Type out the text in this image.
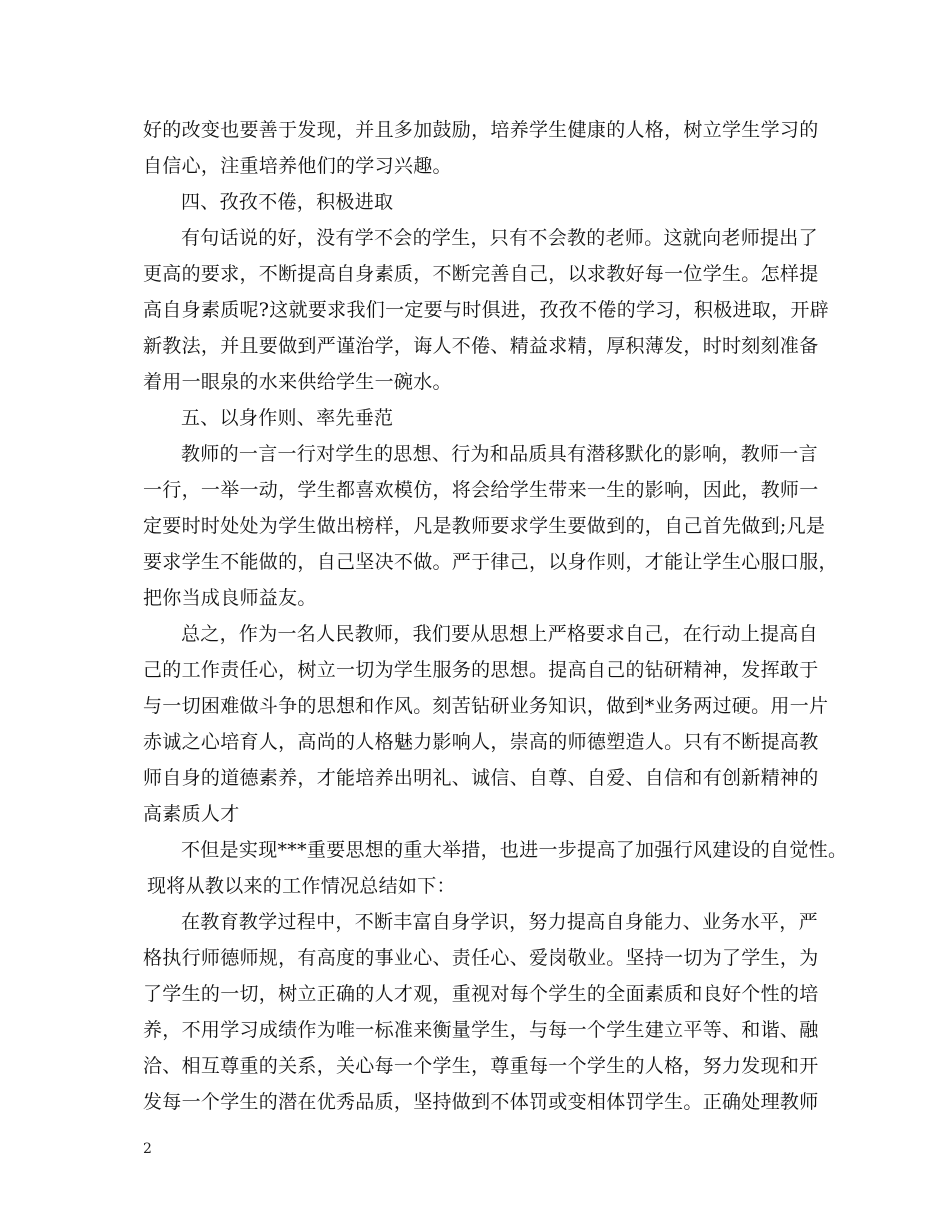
好的改变也要善于发现，并且多加鼓励，培养学生健康的人格，树立学生学习的
自信心，注重培养他们的学习兴趣。
四、孜孜不倦，积极进取
有句话说的好，没有学不会的学生，只有不会教的老师。这就向老师提出了
更高的要求，不断提高自身素质，不断完善自己，以求教好每一位学生。怎样提
高自身素质呢?这就要求我们一定要与时俱进，孜孜不倦的学习，积极进取，开辟
新教法，并且要做到严谨治学，诲人不倦、精益求精，厚积薄发，时时刻刻准备
着用一眼泉的水来供给学生一碗水。
五、以身作则、率先垂范
教师的一言一行对学生的思想、行为和品质具有潜移默化的影响，教师一言
一行，一举一动，学生都喜欢模仿，将会给学生带来一生的影响，因此，教师一
定要时时处处为学生做出榜样，凡是教师要求学生要做到的，自己首先做到;凡是
要求学生不能做的，自己坚决不做。严于律己，以身作则，才能让学生心服口服，
把你当成良师益友。
总之，作为一名人民教师，我们要从思想上严格要求自己，在行动上提高自
己的工作责任心，树立一切为学生服务的思想。提高自己的钻研精神，发挥敢于
与一切困难做斗争的思想和作风。刻苦钻研业务知识，做到*业务两过硬。用一片
赤诚之心培育人，高尚的人格魅力影响人，崇高的师德塑造人。只有不断提高教
师自身的道德素养，才能培养出明礼、诚信、自尊、自爱、自信和有创新精神的
高素质人才
不但是实现***重要思想的重大举措，也进一步提高了加强行风建设的自觉性。
现将从教以来的工作情况总结如下：
在教育教学过程中，不断丰富自身学识，努力提高自身能力、业务水平，严
格执行师德师规，有高度的事业心、责任心、爱岗敬业。坚持一切为了学生，为
了学生的一切，树立正确的人才观，重视对每个学生的全面素质和良好个性的培
养，不用学习成绩作为唯一标准来衡量学生，与每一个学生建立平等、和谐、融
洽、相互尊重的关系，关心每一个学生，尊重每一个学生的人格，努力发现和开
发每一个学生的潜在优秀品质，坚持做到不体罚或变相体罚学生。正确处理教师
2
